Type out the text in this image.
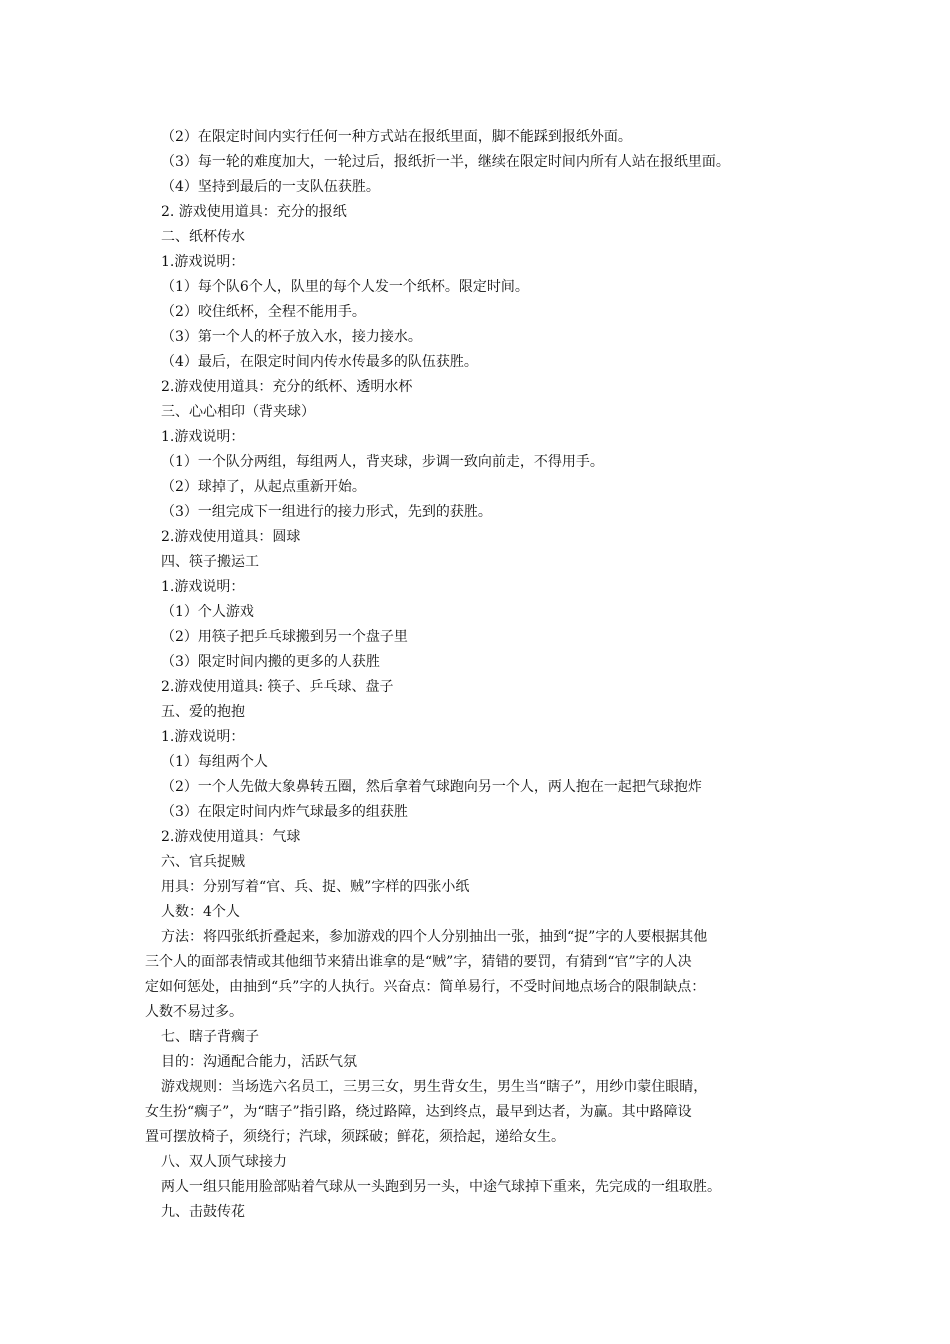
（2）在限定时间内实行任何一种方式站在报纸里面，脚不能踩到报纸外面。
（3）每一轮的难度加大，一轮过后，报纸折一半，继续在限定时间内所有人站在报纸里面。
（4）坚持到最后的一支队伍获胜。
2. 游戏使用道具：充分的报纸
二、纸杯传水
1.游戏说明：
（1）每个队6个人，队里的每个人发一个纸杯。限定时间。
（2）咬住纸杯，全程不能用手。
（3）第一个人的杯子放入水，接力接水。
（4）最后，在限定时间内传水传最多的队伍获胜。
2.游戏使用道具：充分的纸杯、透明水杯
三、心心相印（背夹球）
1.游戏说明：
（1）一个队分两组，每组两人，背夹球，步调一致向前走，不得用手。
（2）球掉了，从起点重新开始。
（3）一组完成下一组进行的接力形式，先到的获胜。
2.游戏使用道具：圆球
四、筷子搬运工
1.游戏说明：
（1）个人游戏
（2）用筷子把乒乓球搬到另一个盘子里
（3）限定时间内搬的更多的人获胜
2.游戏使用道具: 筷子、乒乓球、盘子
五、爱的抱抱
1.游戏说明：
（1）每组两个人
（2）一个人先做大象鼻转五圈，然后拿着气球跑向另一个人，两人抱在一起把气球抱炸
（3）在限定时间内炸气球最多的组获胜
2.游戏使用道具：气球
六、官兵捉贼
用具：分别写着“官、兵、捉、贼”字样的四张小纸
人数：4个人
方法：将四张纸折叠起来，参加游戏的四个人分别抽出一张，抽到“捉”字的人要根据其他
三个人的面部表情或其他细节来猜出谁拿的是“贼”字，猜错的要罚，有猜到“官”字的人决
定如何惩处，由抽到“兵”字的人执行。兴奋点：简单易行，不受时间地点场合的限制缺点：
人数不易过多。
七、瞎子背瘸子
目的：沟通配合能力，活跃气氛
游戏规则：当场选六名员工，三男三女，男生背女生，男生当“瞎子”，用纱巾蒙住眼睛，
女生扮“瘸子”，为“瞎子”指引路，绕过路障，达到终点，最早到达者，为赢。其中路障设
置可摆放椅子，须绕行；汽球，须踩破；鲜花，须拾起，递给女生。
八、双人顶气球接力
两人一组只能用脸部贴着气球从一头跑到另一头，中途气球掉下重来，先完成的一组取胜。
九、击鼓传花
